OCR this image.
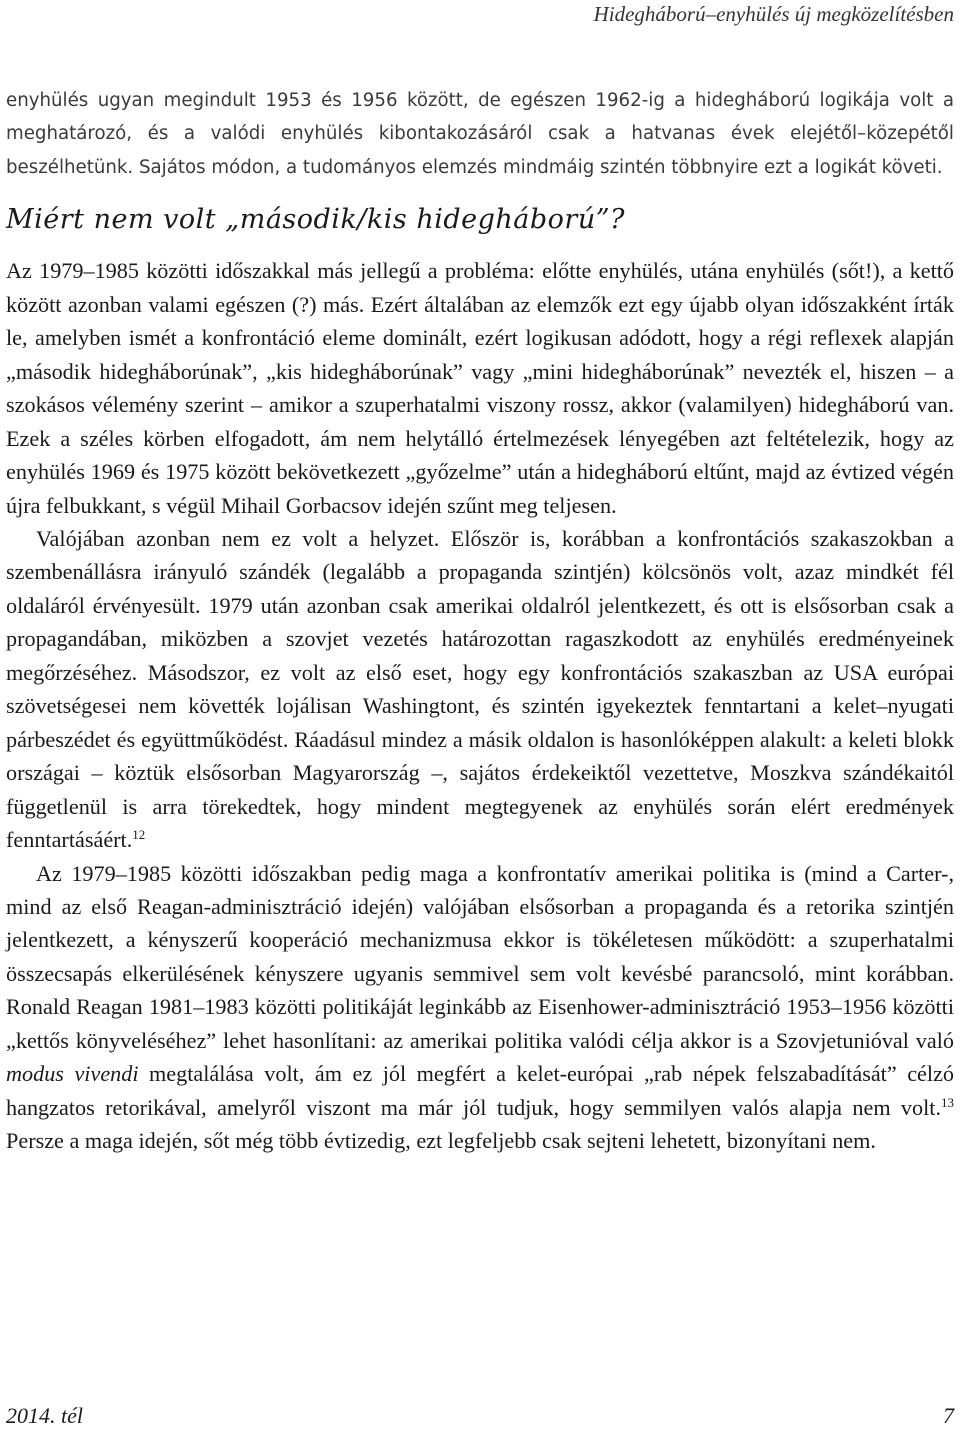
Hidegháború–enyhülés új megközelítésben

enyhülés ugyan megindult 1953 és 1956 között, de egészen 1962-ig a hidegháború logikája volt a meghatározó, és a valódi enyhülés kibontakozásáról csak a hatvanas évek elejétől–közepétől beszélhetünk. Sajátos módon, a tudományos elemzés mindmáig szintén többnyire ezt a logikát követi.

Miért nem volt „második/kis hidegháború”?

Az 1979–1985 közötti időszakkal más jellegű a probléma: előtte enyhülés, utána enyhülés (sőt!), a kettő között azonban valami egészen (?) más. Ezért általában az elemzők ezt egy újabb olyan időszakként írták le, amelyben ismét a konfrontáció eleme dominált, ezért logikusan adódott, hogy a régi reflexek alapján „második hidegháborúnak”, „kis hidegháborúnak” vagy „mini hidegháborúnak” nevezték el, hiszen – a szokásos vélemény szerint – amikor a szuperhatalmi viszony rossz, akkor (valamilyen) hidegháború van. Ezek a széles körben elfogadott, ám nem helytálló értelmezések lényegében azt feltételezik, hogy az enyhülés 1969 és 1975 között bekövetkezett „győzelme” után a hidegháború eltűnt, majd az évtized végén újra felbukkant, s végül Mihail Gorbacsov idején szűnt meg teljesen.

Valójában azonban nem ez volt a helyzet. Először is, korábban a konfrontációs szakaszokban a szembenállásra irányuló szándék (legalább a propaganda szintjén) kölcsönös volt, azaz mindkét fél oldaláról érvényesült. 1979 után azonban csak amerikai oldalról jelentkezett, és ott is elsősorban csak a propagandában, miközben a szovjet vezetés határozottan ragaszkodott az enyhülés eredményeinek megőrzéséhez. Másodszor, ez volt az első eset, hogy egy konfrontációs szakaszban az USA európai szövetségesei nem követték lojálisan Washingtont, és szintén igyekeztek fenntartani a kelet–nyugati párbeszédet és együttműködést. Ráadásul mindez a másik oldalon is hasonlóképpen alakult: a keleti blokk országai – köztük elsősorban Magyarország –, sajátos érdekeiktől vezettetve, Moszkva szándékaitól függetlenül is arra törekedtek, hogy mindent megtegyenek az enyhülés során elért eredmények fenntartásáért.$^{12}$

Az 1979–1985 közötti időszakban pedig maga a konfrontatív amerikai politika is (mind a Carter-, mind az első Reagan-adminisztráció idején) valójában elsősorban a propaganda és a retorika szintjén jelentkezett, a kényszerű kooperáció mechanizmusa ekkor is tökéletesen működött: a szuperhatalmi összecsapás elkerülésének kényszere ugyanis semmivel sem volt kevésbé parancsoló, mint korábban. Ronald Reagan 1981–1983 közötti politikáját leginkább az Eisenhower-adminisztráció 1953–1956 közötti „kettős könyveléséhez” lehet hasonlítani: az amerikai politika valódi célja akkor is a Szovjetunióval való modus vivendi megtalálása volt, ám ez jól megfért a kelet-európai „rab népek felszabadítását” célzó hangzatos retorikával, amelyről viszont ma már jól tudjuk, hogy semmilyen valós alapja nem volt.$^{13}$ Persze a maga idején, sőt még több évtizedig, ezt legfeljebb csak sejteni lehetett, bizonyítani nem.

2014. tél	7
